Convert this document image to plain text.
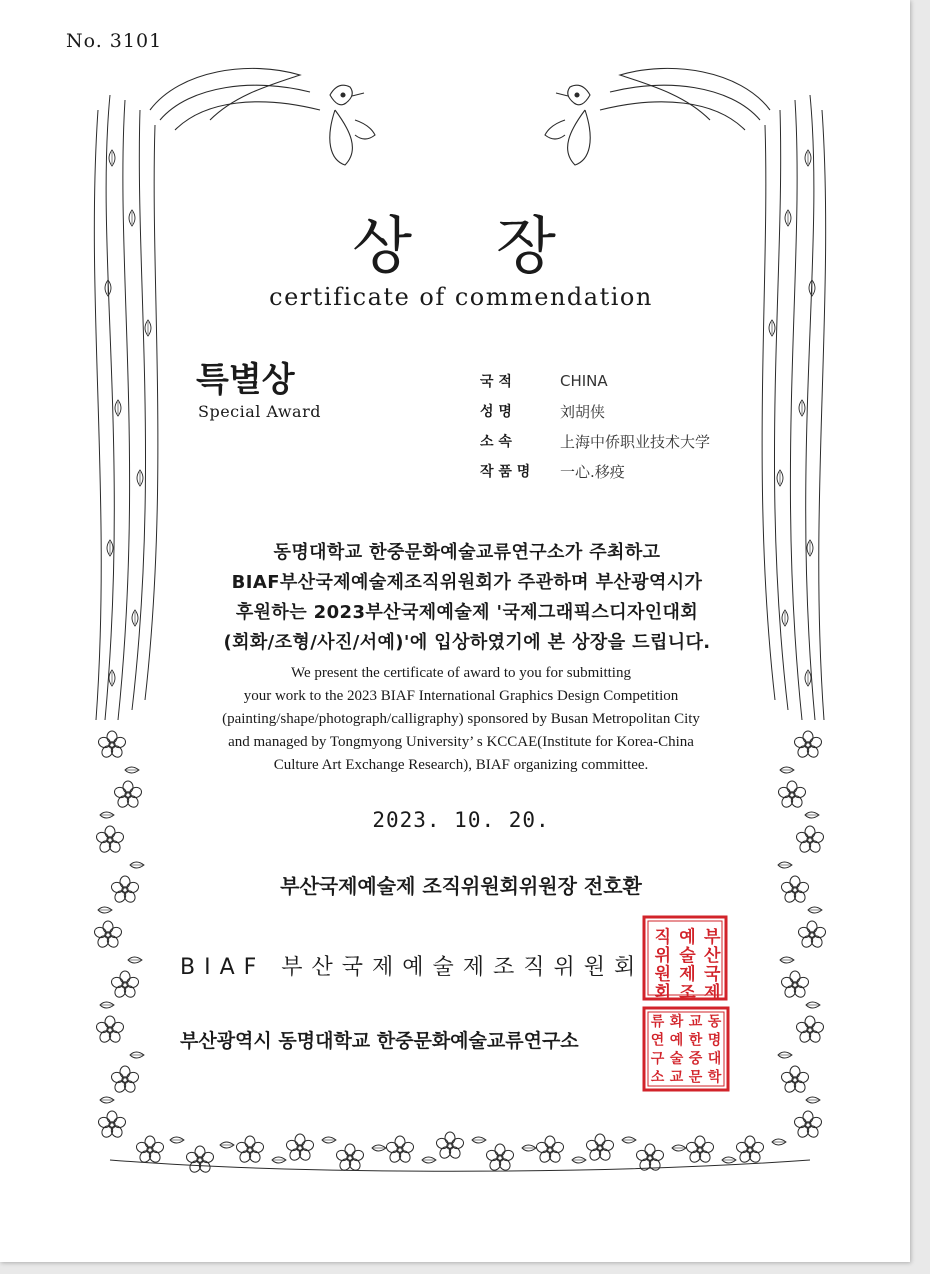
No. 3101
상 장
certificate of commendation
특별상
Special Award
국 적	CHINA
성 명	刘胡侠
소 속	上海中侨职业技术大学
작 품 명	一心.移疫
동명대학교 한중문화예술교류연구소가 주최하고
BIAF부산국제예술제조직위원회가 주관하며 부산광역시가
후원하는 2023부산국제예술제 '국제그래픽스디자인대회
(회화/조형/사진/서예)'에 입상하였기에 본 상장을 드립니다.
We present the certificate of award to you for submitting
your work to the 2023 BIAF International Graphics Design Competition
(painting/shape/photograph/calligraphy) sponsored by Busan Metropolitan City
and managed by Tongmyong University’ s KCCAE(Institute for Korea-China
Culture Art Exchange Research), BIAF organizing committee.
2023. 10. 20.
부산국제예술제 조직위원회위원장 전호환
BIAF 부산국제예술제조직위원회
부산광역시 동명대학교 한중문화예술교류연구소
부
산
국
제
예
술
제
조
직
위
원
회
동
명
대
학
교
한
중
문
화
예
술
교
류
연
구
소
